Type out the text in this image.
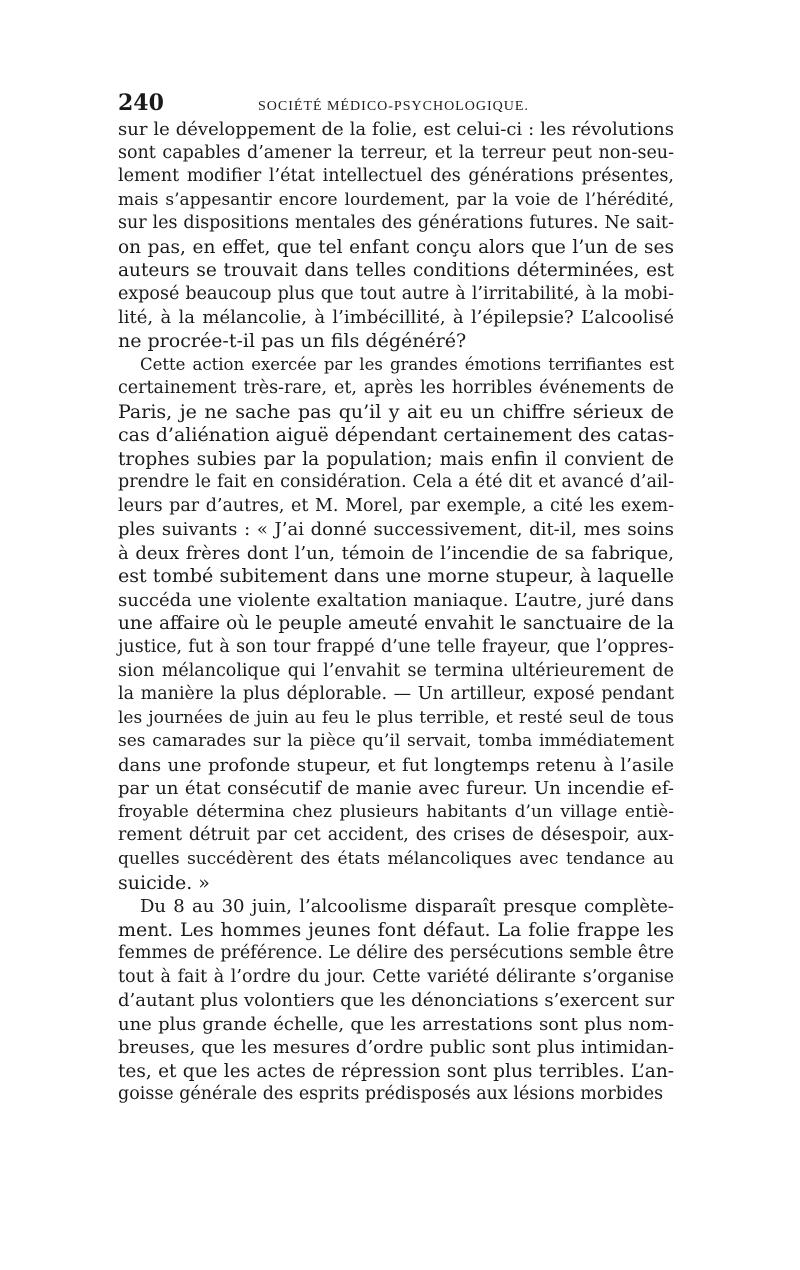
240	SOCIÉTÉ MÉDICO-PSYCHOLOGIQUE.
sur le développement de la folie, est celui-ci : les révolutions
sont capables d’amener la terreur, et la terreur peut non-seu-
lement modifier l’état intellectuel des générations présentes,
mais s’appesantir encore lourdement, par la voie de l’hérédité,
sur les dispositions mentales des générations futures. Ne sait-
on pas, en effet, que tel enfant conçu alors que l’un de ses
auteurs se trouvait dans telles conditions déterminées, est
exposé beaucoup plus que tout autre à l’irritabilité, à la mobi-
lité, à la mélancolie, à l’imbécillité, à l’épilepsie? L’alcoolisé
ne procrée-t-il pas un fils dégénéré?
Cette action exercée par les grandes émotions terrifiantes est
certainement très-rare, et, après les horribles événements de
Paris, je ne sache pas qu’il y ait eu un chiffre sérieux de
cas d’aliénation aiguë dépendant certainement des catas-
trophes subies par la population; mais enfin il convient de
prendre le fait en considération. Cela a été dit et avancé d’ail-
leurs par d’autres, et M. Morel, par exemple, a cité les exem-
ples suivants : « J’ai donné successivement, dit-il, mes soins
à deux frères dont l’un, témoin de l’incendie de sa fabrique,
est tombé subitement dans une morne stupeur, à laquelle
succéda une violente exaltation maniaque. L’autre, juré dans
une affaire où le peuple ameuté envahit le sanctuaire de la
justice, fut à son tour frappé d’une telle frayeur, que l’oppres-
sion mélancolique qui l’envahit se termina ultérieurement de
la manière la plus déplorable. — Un artilleur, exposé pendant
les journées de juin au feu le plus terrible, et resté seul de tous
ses camarades sur la pièce qu’il servait, tomba immédiatement
dans une profonde stupeur, et fut longtemps retenu à l’asile
par un état consécutif de manie avec fureur. Un incendie ef-
froyable détermina chez plusieurs habitants d’un village entiè-
rement détruit par cet accident, des crises de désespoir, aux-
quelles succédèrent des états mélancoliques avec tendance au
suicide. »
Du 8 au 30 juin, l’alcoolisme disparaît presque complète-
ment. Les hommes jeunes font défaut. La folie frappe les
femmes de préférence. Le délire des persécutions semble être
tout à fait à l’ordre du jour. Cette variété délirante s’organise
d’autant plus volontiers que les dénonciations s’exercent sur
une plus grande échelle, que les arrestations sont plus nom-
breuses, que les mesures d’ordre public sont plus intimidan-
tes, et que les actes de répression sont plus terribles. L’an-
goisse générale des esprits prédisposés aux lésions morbides
